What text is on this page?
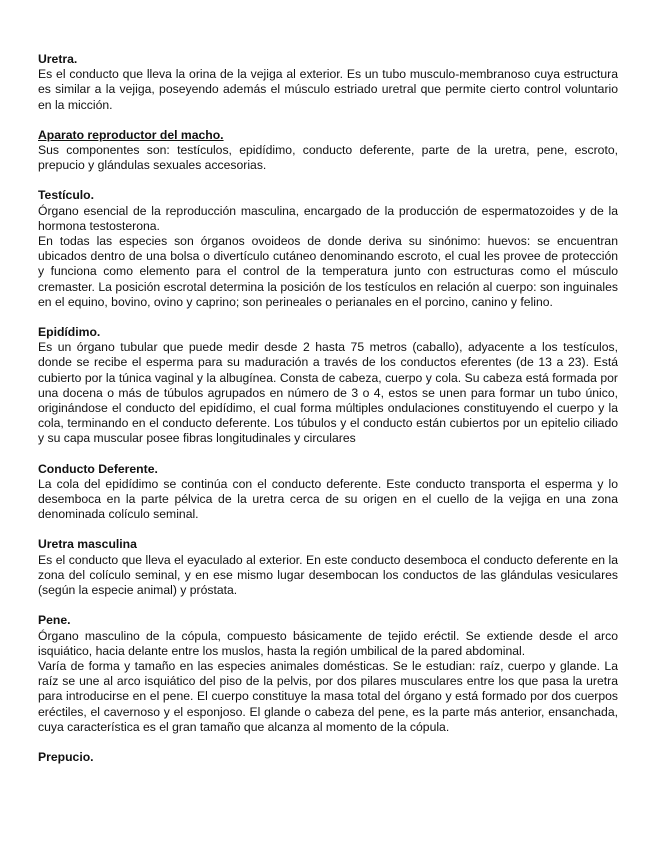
Uretra.
Es el conducto que lleva la orina de la vejiga al exterior. Es un tubo musculo-membranoso cuya estructura es similar a la vejiga, poseyendo además el músculo estriado uretral que permite cierto control voluntario en la micción.
Aparato reproductor del macho.
Sus componentes son: testículos, epidídimo, conducto deferente, parte de la uretra, pene, escroto, prepucio y glándulas sexuales accesorias.
Testículo.
Órgano esencial de la reproducción masculina, encargado de la producción de espermatozoides y de la hormona testosterona.
En todas las especies son órganos ovoideos de donde deriva su sinónimo: huevos: se encuentran ubicados dentro de una bolsa o divertículo cutáneo denominando escroto, el cual les provee de protección y funciona como elemento para el control de la temperatura junto con estructuras como el músculo cremaster. La posición escrotal determina la posición de los testículos en relación al cuerpo: son inguinales en el equino, bovino, ovino y caprino; son perineales o perianales en el porcino, canino y felino.
Epidídimo.
Es un órgano tubular que puede medir desde 2 hasta 75 metros (caballo), adyacente a los testículos, donde se recibe el esperma para su maduración a través de los conductos eferentes (de 13 a 23). Está cubierto por la túnica vaginal y la albugínea. Consta de cabeza, cuerpo y cola. Su cabeza está formada por una docena o más de túbulos agrupados en número de 3 o 4, estos se unen para formar un tubo único, originándose el conducto del epidídimo, el cual forma múltiples ondulaciones constituyendo el cuerpo y la cola, terminando en el conducto deferente. Los túbulos y el conducto están cubiertos por un epitelio ciliado y su capa muscular posee fibras longitudinales y circulares
Conducto Deferente.
La cola del epidídimo se continúa con el conducto deferente. Este conducto transporta el esperma y lo desemboca en la parte pélvica de la uretra cerca de su origen en el cuello de la vejiga en una zona denominada colículo seminal.
Uretra masculina
Es el conducto que lleva el eyaculado al exterior. En este conducto desemboca el conducto deferente en la zona del colículo seminal, y en ese mismo lugar desembocan los conductos de las glándulas vesiculares (según la especie animal) y próstata.
Pene.
Órgano masculino de la cópula, compuesto básicamente de tejido eréctil. Se extiende desde el arco isquiático, hacia delante entre los muslos, hasta la región umbilical de la pared abdominal.
Varía de forma y tamaño en las especies animales domésticas. Se le estudian: raíz, cuerpo y glande. La raíz se une al arco isquiático del piso de la pelvis, por dos pilares musculares entre los que pasa la uretra para introducirse en el pene. El cuerpo constituye la masa total del órgano y está formado por dos cuerpos eréctiles, el cavernoso y el esponjoso. El glande o cabeza del pene, es la parte más anterior, ensanchada, cuya característica es el gran tamaño que alcanza al momento de la cópula.
Prepucio.
